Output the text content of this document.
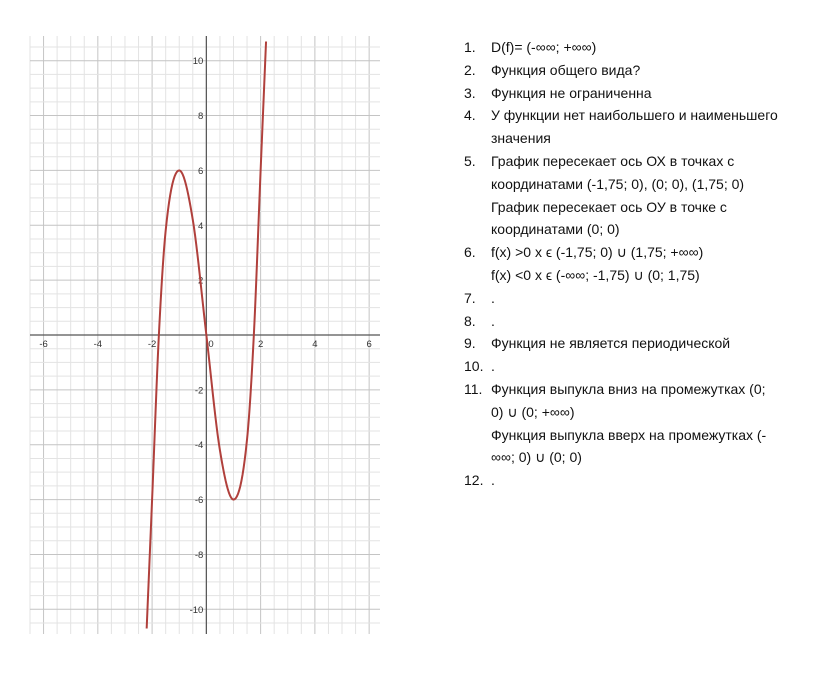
-6	-4	-2	0	2	4	6
10
8
6
4
2
-2
-4
-6
-8
-10
1. D(f)= (-∞∞; +∞∞)
2. Функция общего вида?
3. Функция не ограниченна
4. У функции нет наибольшего и наименьшего
значения
5. График пересекает ось ОХ в точках с
координатами (-1,75; 0), (0; 0), (1,75; 0)
График пересекает ось ОУ в точке с
координатами (0; 0)
6. f(x) >0 x ϵ (-1,75; 0) ∪ (1,75; +∞∞)
f(x) <0 x ϵ (-∞∞; -1,75) ∪ (0; 1,75)
7. .
8. .
9. Функция не является периодической
10. .
11. Функция выпукла вниз на промежутках (0;
0) ∪ (0; +∞∞)
Функция выпукла вверх на промежутках (-
∞∞; 0) ∪ (0; 0)
12. .
